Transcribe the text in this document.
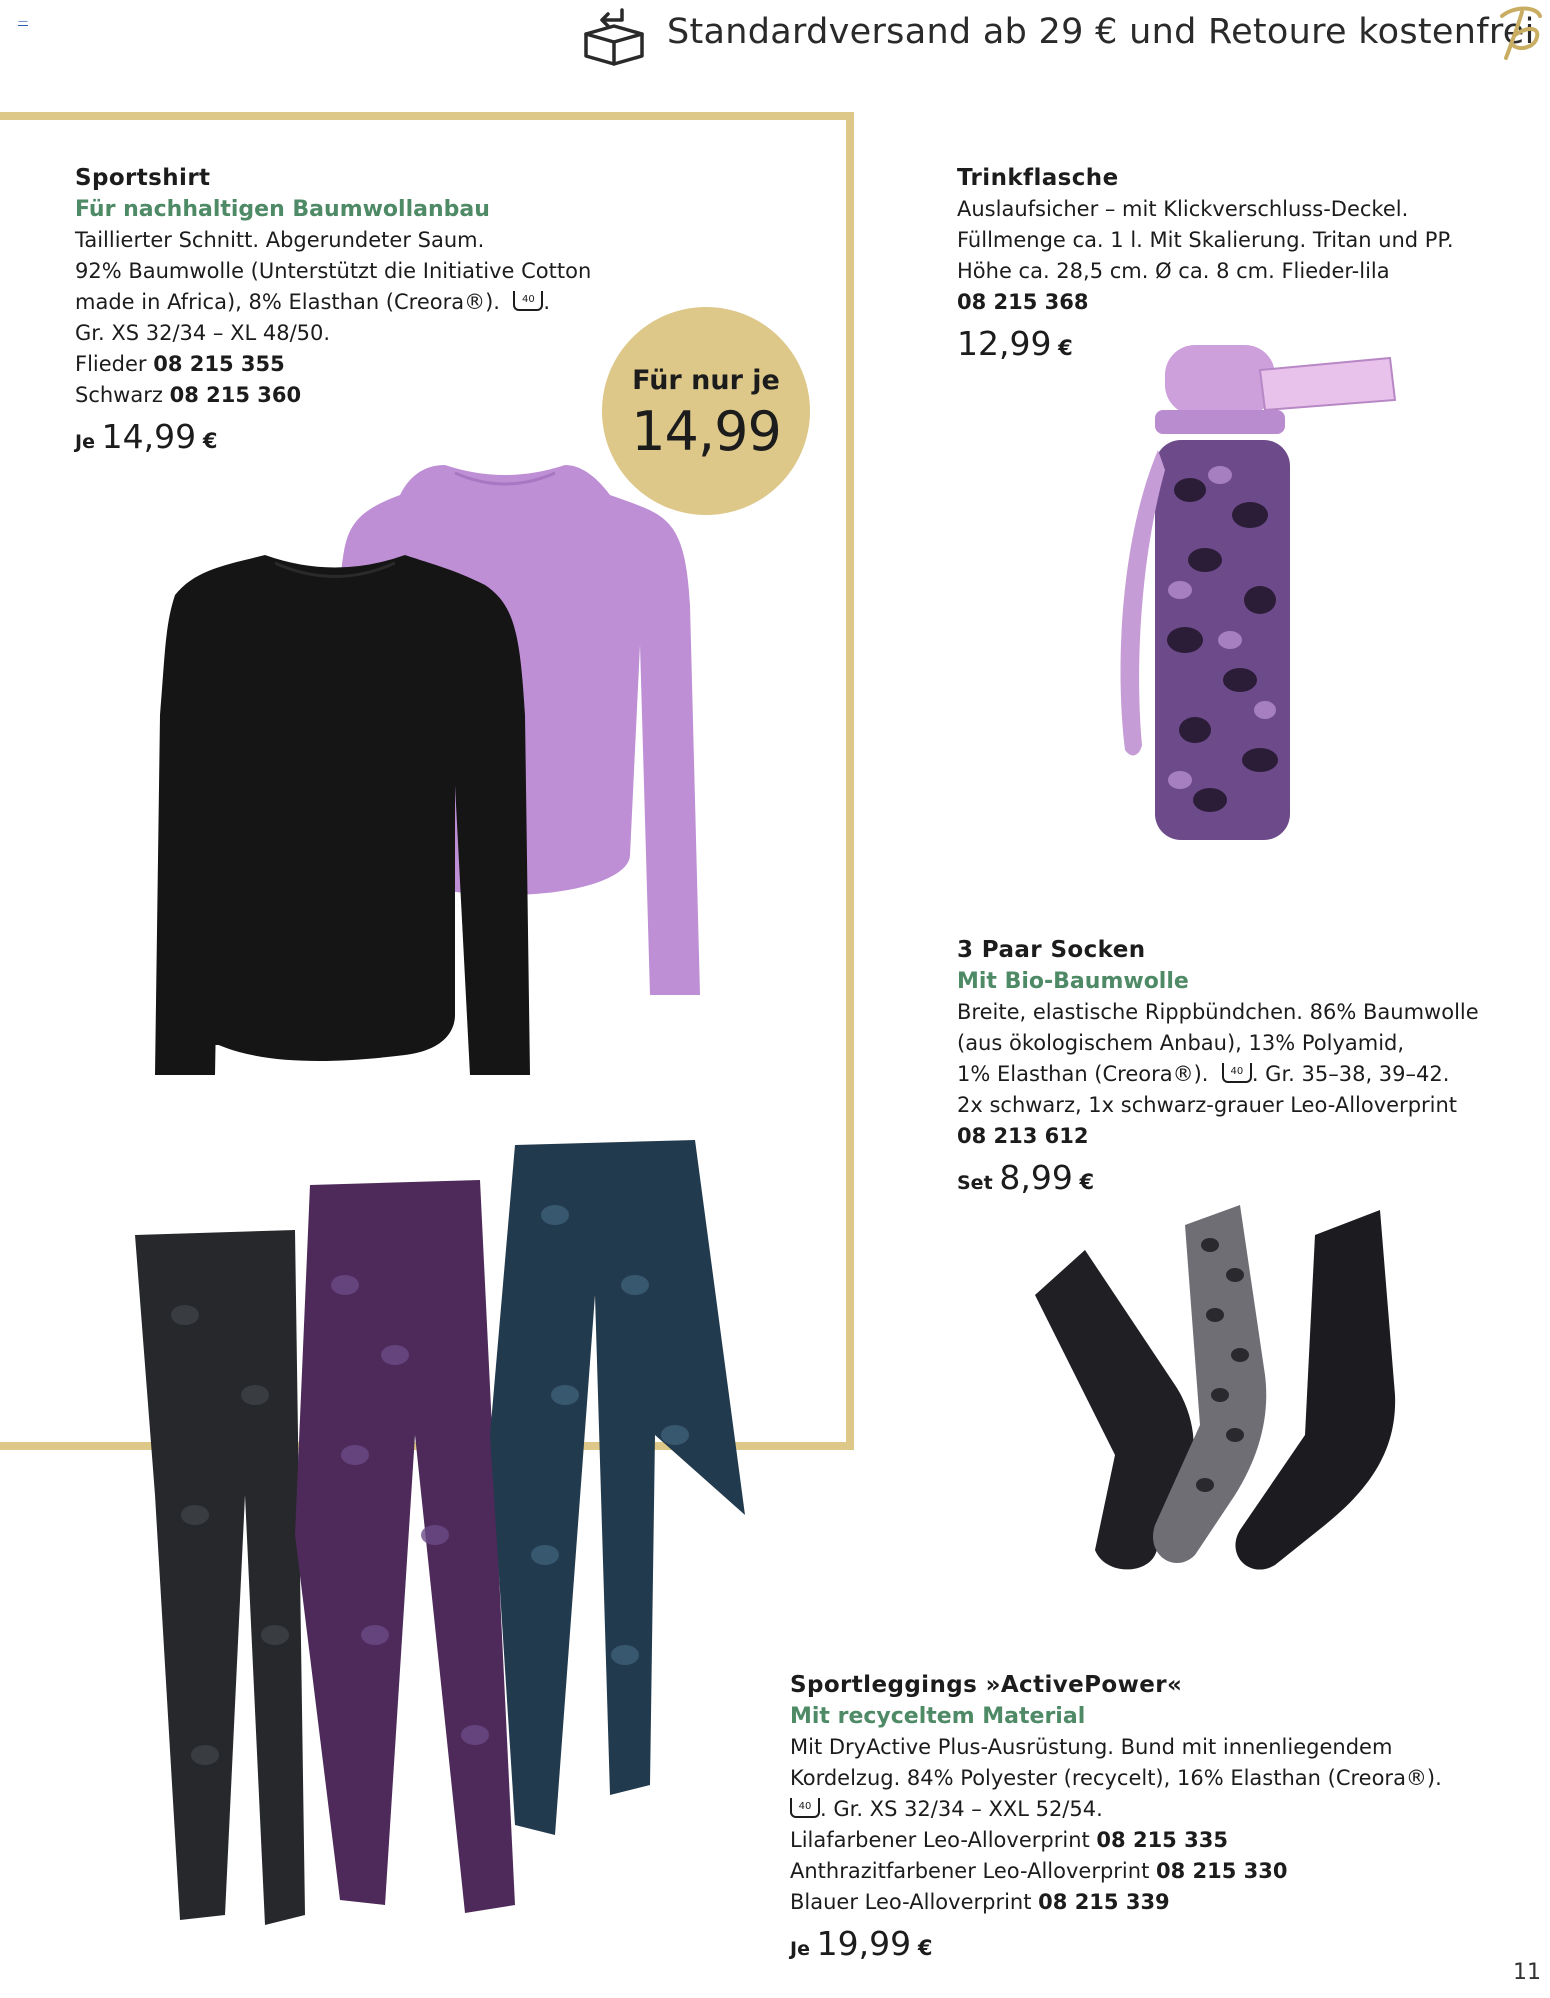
—	Standardversand ab 29 € und Retoure kostenfrei
Sportshirt
Für nachhaltigen Baumwollanbau
Taillierter Schnitt. Abgerundeter Saum.
92% Baumwolle (Unterstützt die Initiative Cotton
made in Africa), 8% Elasthan (Creora®). 40 .
Gr. XS 32/34 – XL 48/50.
Flieder 08 215 355
Schwarz 08 215 360
Je 14,99 €
Für nur je
14,99
Trinkflasche
Auslaufsicher – mit Klickverschluss-Deckel.
Füllmenge ca. 1 l. Mit Skalierung. Tritan und PP.
Höhe ca. 28,5 cm. Ø ca. 8 cm. Flieder-lila
08 215 368
12,99 €
3 Paar Socken
Mit Bio-Baumwolle
Breite, elastische Rippbündchen. 86% Baumwolle
(aus ökologischem Anbau), 13% Polyamid,
1% Elasthan (Creora®). 40 . Gr. 35–38, 39–42.
2x schwarz, 1x schwarz-grauer Leo-Alloverprint
08 213 612
Set 8,99 €
Sportleggings »ActivePower«
Mit recyceltem Material
Mit DryActive Plus-Ausrüstung. Bund mit innenliegendem
Kordelzug. 84% Polyester (recycelt), 16% Elasthan (Creora®).
40 . Gr. XS 32/34 – XXL 52/54.
Lilafarbener Leo-Alloverprint 08 215 335
Anthrazitfarbener Leo-Alloverprint 08 215 330
Blauer Leo-Alloverprint 08 215 339
Je 19,99 €
11
